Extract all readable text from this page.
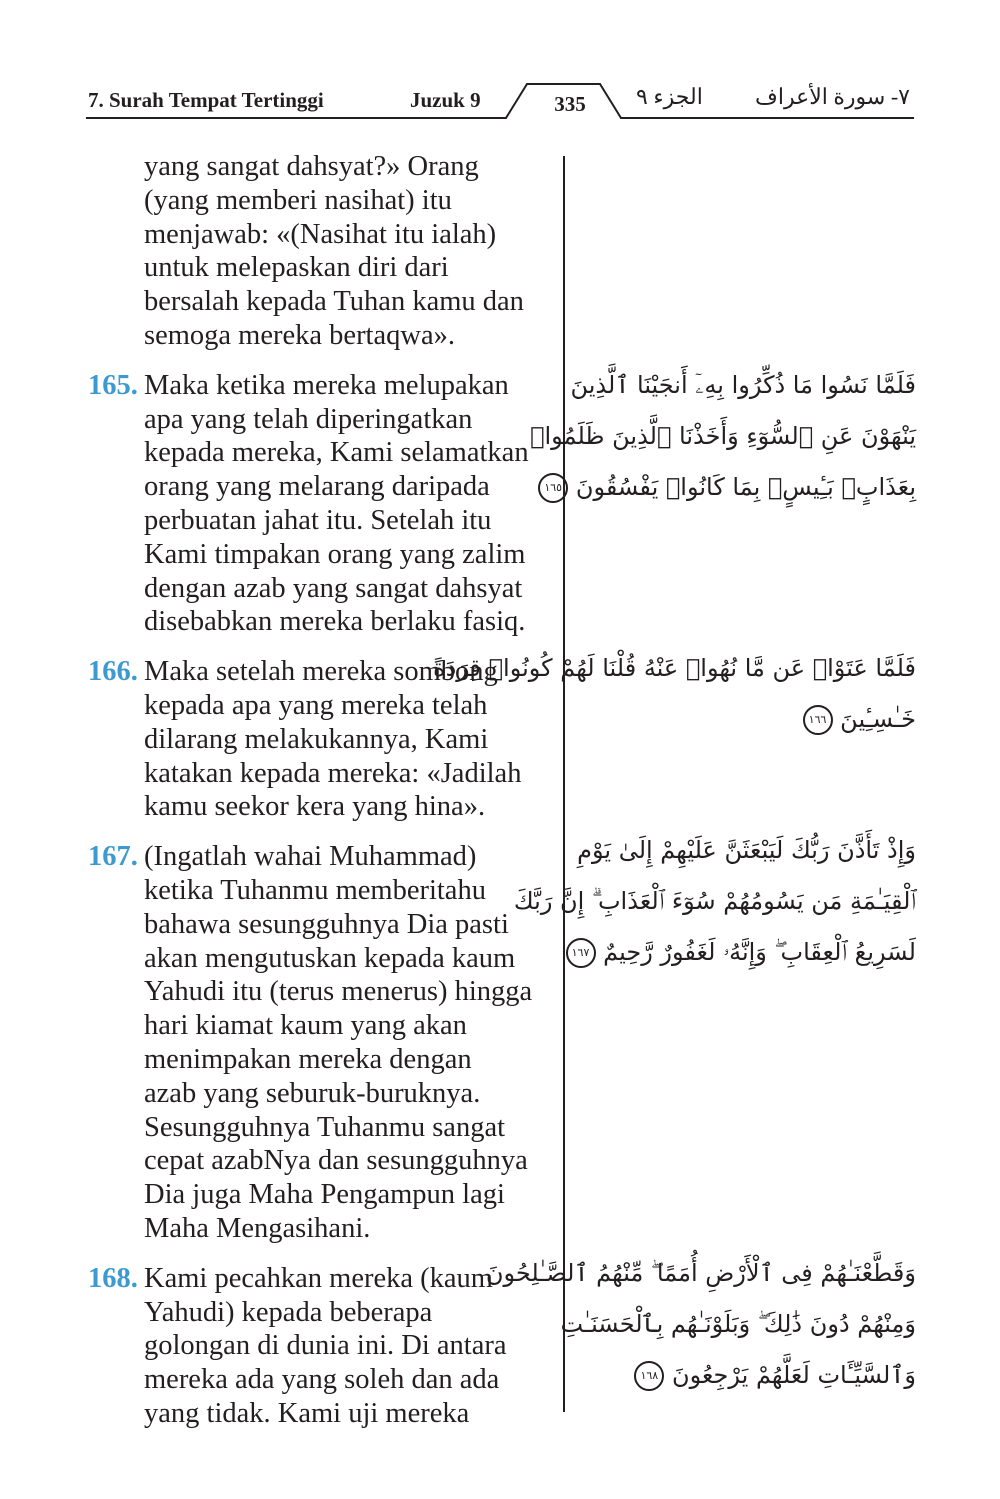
7. Surah Tempat Tertinggi	Juzuk 9	335	الجزء ٩ ٧- سورة الأعراف
yang sangat dahsyat?» Orang
(yang memberi nasihat) itu
menjawab: «(Nasihat itu ialah)
untuk melepaskan diri dari
bersalah kepada Tuhan kamu dan
semoga mereka bertaqwa».
165. Maka ketika mereka melupakan
apa yang telah diperingatkan
kepada mereka, Kami selamatkan
orang yang melarang daripada
perbuatan jahat itu. Setelah itu
Kami timpakan orang yang zalim
dengan azab yang sangat dahsyat
disebabkan mereka berlaku fasiq.
166. Maka setelah mereka sombong
kepada apa yang mereka telah
dilarang melakukannya, Kami
katakan kepada mereka: «Jadilah
kamu seekor kera yang hina».
167. (Ingatlah wahai Muhammad)
ketika Tuhanmu memberitahu
bahawa sesungguhnya Dia pasti
akan mengutuskan kepada kaum
Yahudi itu (terus menerus) hingga
hari kiamat kaum yang akan
menimpakan mereka dengan
azab yang seburuk-buruknya.
Sesungguhnya Tuhanmu sangat
cepat azabNya dan sesungguhnya
Dia juga Maha Pengampun lagi
Maha Mengasihani.
168. Kami pecahkan mereka (kaum
Yahudi) kepada beberapa
golongan di dunia ini. Di antara
mereka ada yang soleh dan ada
yang tidak. Kami uji mereka
فَلَمَّا نَسُوا مَا ذُكِّرُوا بِهِۦٓ أَنجَيْنَا ٱلَّذِينَ
يَنْهَوْنَ عَنِ ٱلسُّوٓءِ وَأَخَذْنَا ٱلَّذِينَ ظَلَمُوا۟
بِعَذَابٍۭ بَـِٔيسٍۭ بِمَا كَانُوا۟ يَفْسُقُونَ ١٦٥
فَلَمَّا عَتَوْا۟ عَن مَّا نُهُوا۟ عَنْهُ قُلْنَا لَهُمْ كُونُوا۟ قِرَدَةً
خَـٰسِـِٔينَ ١٦٦
وَإِذْ تَأَذَّنَ رَبُّكَ لَيَبْعَثَنَّ عَلَيْهِمْ إِلَىٰ يَوْمِ
ٱلْقِيَـٰمَةِ مَن يَسُومُهُمْ سُوٓءَ ٱلْعَذَابِ ۗ إِنَّ رَبَّكَ
لَسَرِيعُ ٱلْعِقَابِ ۖ وَإِنَّهُۥ لَغَفُورٌ رَّحِيمٌ ١٦٧
وَقَطَّعْنَـٰهُمْ فِى ٱلْأَرْضِ أُمَمًا ۖ مِّنْهُمُ ٱلصَّـٰلِحُونَ
وَمِنْهُمْ دُونَ ذَٰلِكَ ۖ وَبَلَوْنَـٰهُم بِٱلْحَسَنَـٰتِ
وَٱلسَّيِّـَٔاتِ لَعَلَّهُمْ يَرْجِعُونَ ١٦٨
